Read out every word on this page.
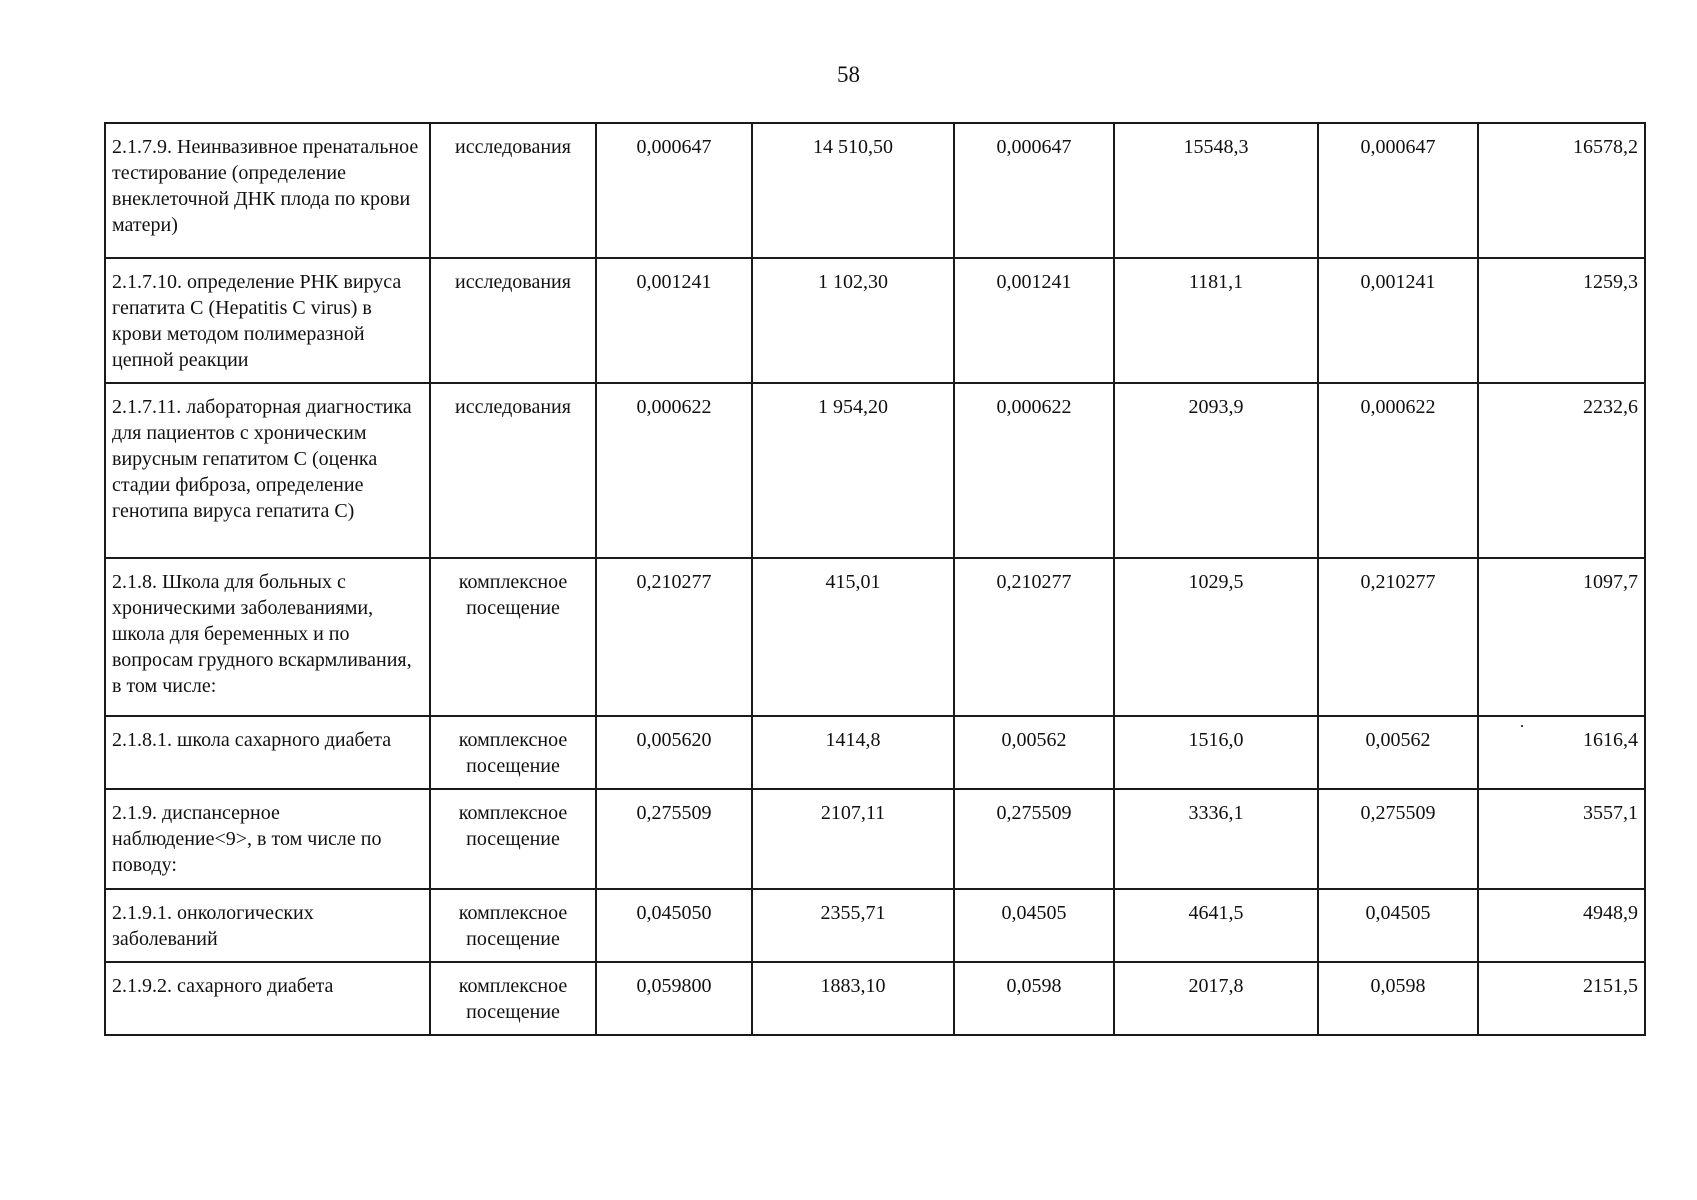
58
2.1.7.9. Неинвазивное пренатальное тестирование (определение внеклеточной ДНК плода по крови матери)	исследования	0,000647	14 510,50	0,000647	15548,3	0,000647	16578,2
2.1.7.10. определение РНК вируса гепатита C (Hepatitis C virus) в крови методом полимеразной цепной реакции	исследования	0,001241	1 102,30	0,001241	1181,1	0,001241	1259,3
2.1.7.11. лабораторная диагностика для пациентов с хроническим вирусным гепатитом C (оценка стадии фиброза, определение генотипа вируса гепатита C)	исследования	0,000622	1 954,20	0,000622	2093,9	0,000622	2232,6
2.1.8. Школа для больных с хроническими заболеваниями, школа для беременных и по вопросам грудного вскармливания, в том числе:	комплексное посещение	0,210277	415,01	0,210277	1029,5	0,210277	1097,7
2.1.8.1. школа сахарного диабета	комплексное посещение	0,005620	1414,8	0,00562	1516,0	0,00562	1616,4
2.1.9. диспансерное наблюдение<9>, в том числе по поводу:	комплексное посещение	0,275509	2107,11	0,275509	3336,1	0,275509	3557,1
2.1.9.1. онкологических заболеваний	комплексное посещение	0,045050	2355,71	0,04505	4641,5	0,04505	4948,9
2.1.9.2. сахарного диабета	комплексное посещение	0,059800	1883,10	0,0598	2017,8	0,0598	2151,5
